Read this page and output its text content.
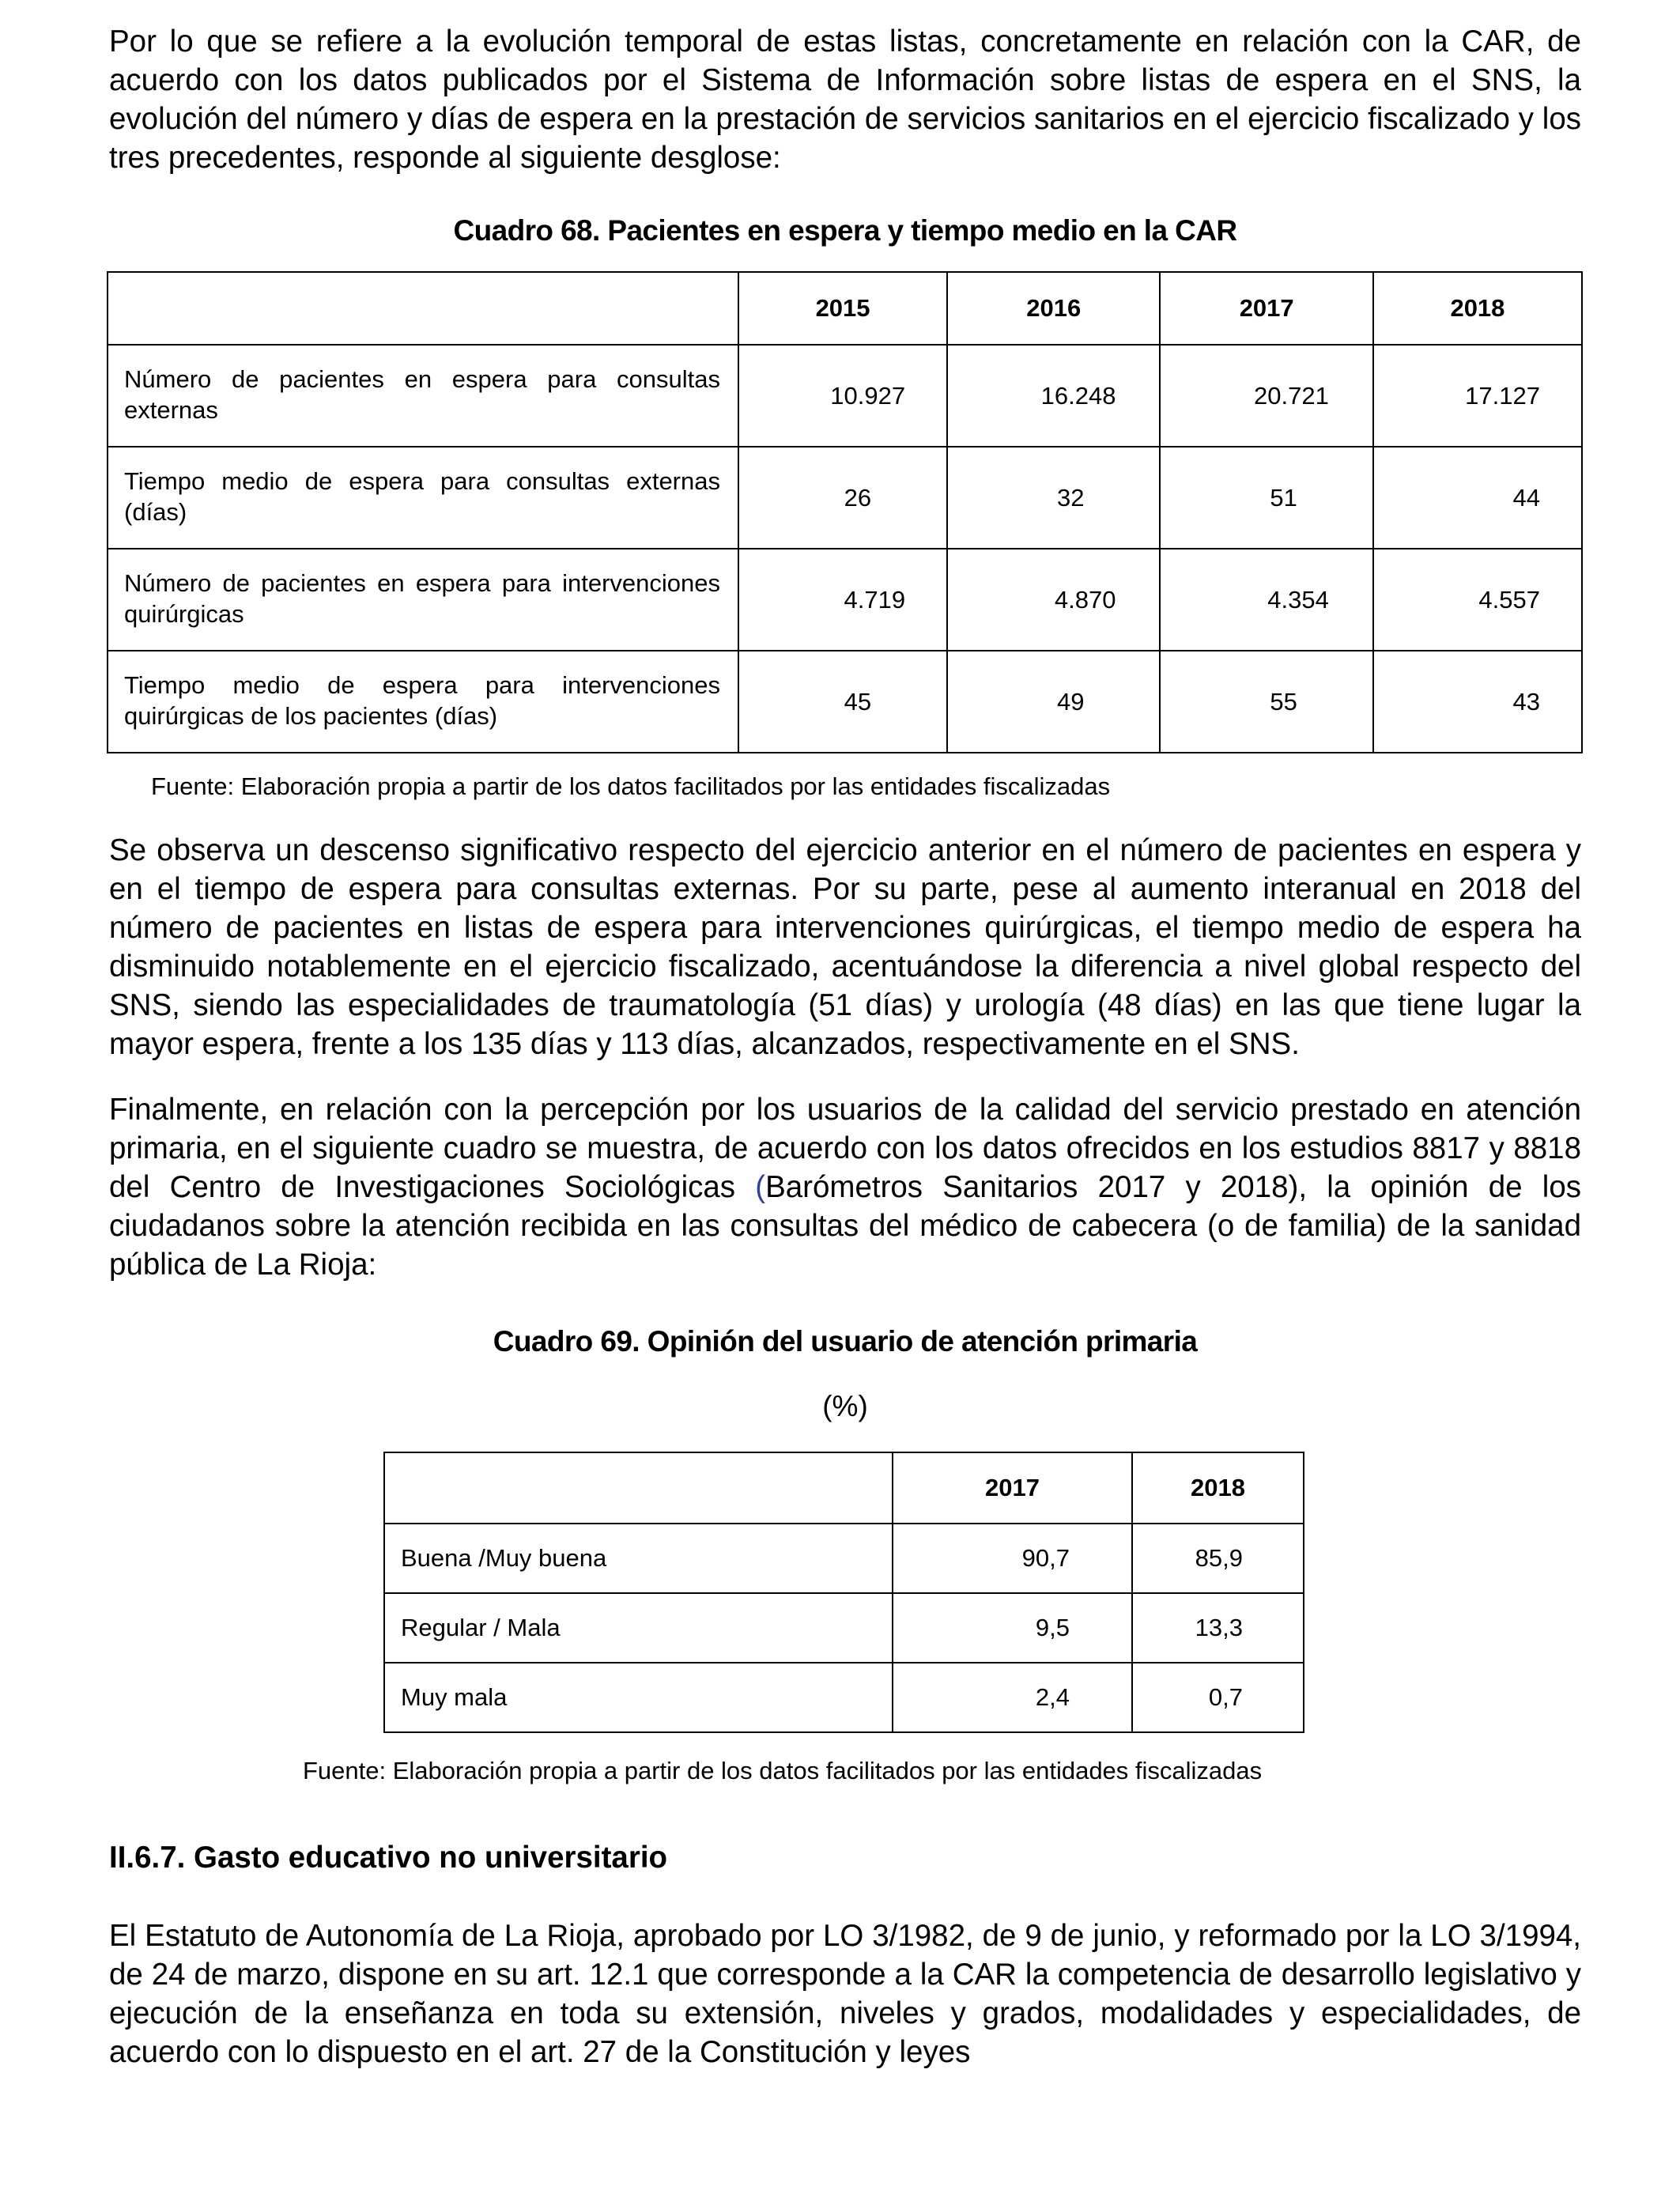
Por lo que se refiere a la evolución temporal de estas listas, concretamente en relación con la CAR, de acuerdo con los datos publicados por el Sistema de Información sobre listas de espera en el SNS, la evolución del número y días de espera en la prestación de servicios sanitarios en el ejercicio fiscalizado y los tres precedentes, responde al siguiente desglose:

Cuadro 68. Pacientes en espera y tiempo medio en la CAR

	2015	2016	2017	2018
Número de pacientes en espera para consultas externas	10.927	16.248	20.721	17.127
Tiempo medio de espera para consultas externas (días)	26	32	51	44
Número de pacientes en espera para intervenciones quirúrgicas	4.719	4.870	4.354	4.557
Tiempo medio de espera para intervenciones quirúrgicas de los pacientes (días)	45	49	55	43

Fuente: Elaboración propia a partir de los datos facilitados por las entidades fiscalizadas

Se observa un descenso significativo respecto del ejercicio anterior en el número de pacientes en espera y en el tiempo de espera para consultas externas. Por su parte, pese al aumento interanual en 2018 del número de pacientes en listas de espera para intervenciones quirúrgicas, el tiempo medio de espera ha disminuido notablemente en el ejercicio fiscalizado, acentuándose la diferencia a nivel global respecto del SNS, siendo las especialidades de traumatología (51 días) y urología (48 días) en las que tiene lugar la mayor espera, frente a los 135 días y 113 días, alcanzados, respectivamente en el SNS.

Finalmente, en relación con la percepción por los usuarios de la calidad del servicio prestado en atención primaria, en el siguiente cuadro se muestra, de acuerdo con los datos ofrecidos en los estudios 8817 y 8818 del Centro de Investigaciones Sociológicas (Barómetros Sanitarios 2017 y 2018), la opinión de los ciudadanos sobre la atención recibida en las consultas del médico de cabecera (o de familia) de la sanidad pública de La Rioja:

Cuadro 69. Opinión del usuario de atención primaria

(%)

	2017	2018
Buena /Muy buena	90,7	85,9
Regular / Mala	9,5	13,3
Muy mala	2,4	0,7

Fuente: Elaboración propia a partir de los datos facilitados por las entidades fiscalizadas

II.6.7. Gasto educativo no universitario

El Estatuto de Autonomía de La Rioja, aprobado por LO 3/1982, de 9 de junio, y reformado por la LO 3/1994, de 24 de marzo, dispone en su art. 12.1 que corresponde a la CAR la competencia de desarrollo legislativo y ejecución de la enseñanza en toda su extensión, niveles y grados, modalidades y especialidades, de acuerdo con lo dispuesto en el art. 27 de la Constitución y leyes
